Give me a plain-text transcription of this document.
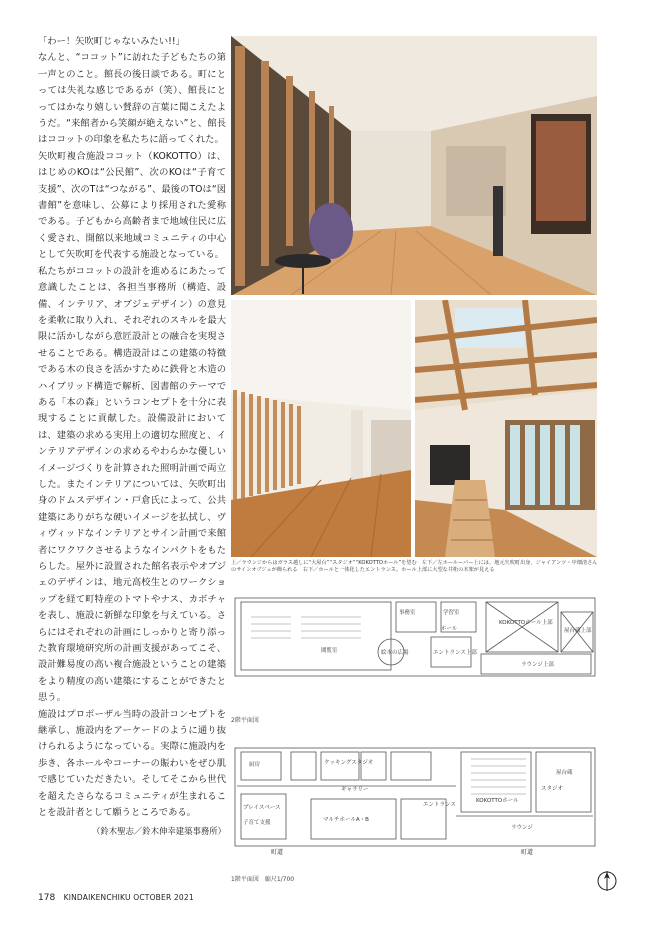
「わー！矢吹町じゃないみたい!!」

なんと、“ココット”に訪れた子どもたちの第一声とのこと。館長の後日談である。町にとっては失礼な感じであるが（笑）、館長にとってはかなり嬉しい賛辞の言葉に聞こえたようだ。“来館者から笑顔が絶えない”と、館長はココットの印象を私たちに語ってくれた。

矢吹町複合施設ココット（KOKOTTO）は、はじめのKOは“公民館”、次のKOは“子育て支援”、次のTは“つながる”、最後のTOは“図書館”を意味し、公募により採用された愛称である。子どもから高齢者まで地域住民に広く愛され、開館以来地域コミュニティの中心として矢吹町を代表する施設となっている。

私たちがココットの設計を進めるにあたって意識したことは、各担当事務所（構造、設備、インテリア、オブジェデザイン）の意見を柔軟に取り入れ、それぞれのスキルを最大限に活かしながら意匠設計との融合を実現させることである。構造設計はこの建築の特徴である木の良さを活かすために鉄骨と木造のハイブリッド構造で解析、図書館のテーマである「本の森」というコンセプトを十分に表現することに貢献した。設備設計においては、建築の求める実用上の適切な照度と、インテリアデザインの求めるやわらかな優しいイメージづくりを計算された照明計画で両立した。またインテリアについては、矢吹町出身のドムスデザイン・戸倉氏によって、公共建築にありがちな硬いイメージを払拭し、ヴィヴィッドなインテリアとサイン計画で来館者にワクワクさせるようなインパクトをもたらした。屋外に設置された館名表示やオブジェのデザインは、地元高校生とのワークショップを経て町特産のトマトやナス、カボチャを表し、施設に新鮮な印象を与えている。さらにはそれぞれの計画にしっかりと寄り添った教育環境研究所の計画支援があってこそ、設計難易度の高い複合施設ということの建築をより精度の高い建築にすることができたと思う。

施設はプロポーザル当時の設計コンセプトを継承し、施設内をアーケードのように通り抜けられるようになっている。実際に施設内を歩き、各ホールやコーナーの賑わいをぜひ肌で感じていただきたい。そしてそこから世代を超えたさらなるコミュニティが生まれることを設計者として願うところである。

（鈴木聖志／鈴木伸幸建築事務所）

上／ラウンジからはガラス越しに“大屋台”“スタジオ”“KOKOTTOホール”を望む　左下／左ホールーバー上には、地元矢吹町出身、ジャイアンツ・中畑清さんのサインオブジェが飾られる　右下／ホールと一体化したエントランス。ホール上部に大型な井桁の木架が見える
ホール
KOKOTTOホール上部
ラウンジ上部
エントランス上部
絵本の広場
事務室
閲覧室
屋台蔵上部
学習室
2階平面図
厨房	クッキングスタジオ
スタジオ
ギャラリー
エントランス
マルチホールA・B
KOKOTTOホール
屋台蔵
ラウンジ
プレイスペース
子育て支援
町道	町道
1階平面図　縮尺1/700
178 KINDAIKENCHIKU OCTOBER 2021
